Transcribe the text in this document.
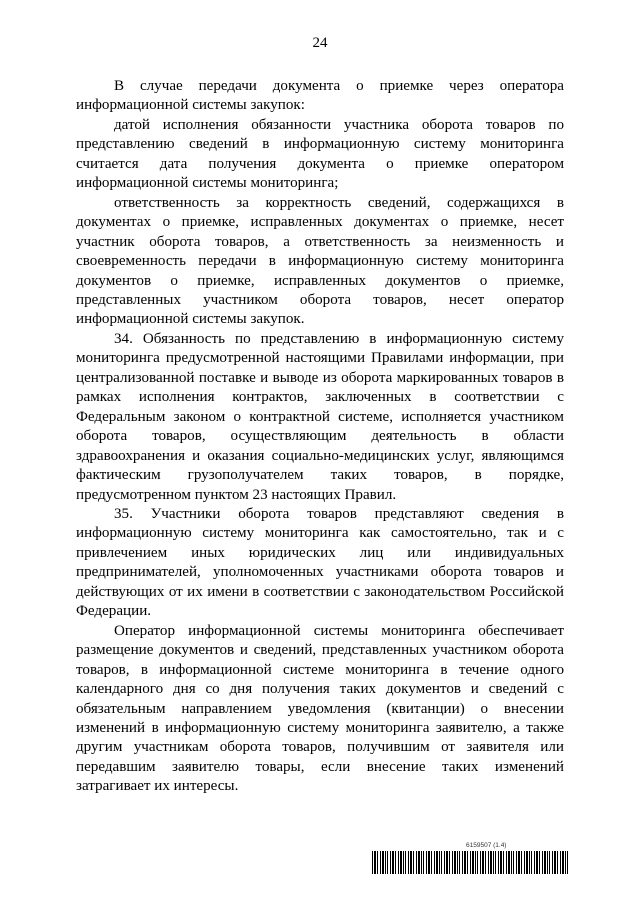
24

В случае передачи документа о приемке через оператора информационной системы закупок:

датой исполнения обязанности участника оборота товаров по представлению сведений в информационную систему мониторинга считается дата получения документа о приемке оператором информационной системы мониторинга;

ответственность за корректность сведений, содержащихся в документах о приемке, исправленных документах о приемке, несет участник оборота товаров, а ответственность за неизменность и своевременность передачи в информационную систему мониторинга документов о приемке, исправленных документов о приемке, представленных участником оборота товаров, несет оператор информационной системы закупок.

34. Обязанность по представлению в информационную систему мониторинга предусмотренной настоящими Правилами информации, при централизованной поставке и выводе из оборота маркированных товаров в рамках исполнения контрактов, заключенных в соответствии с Федеральным законом о контрактной системе, исполняется участником оборота товаров, осуществляющим деятельность в области здравоохранения и оказания социально-медицинских услуг, являющимся фактическим грузополучателем таких товаров, в порядке, предусмотренном пунктом 23 настоящих Правил.

35. Участники оборота товаров представляют сведения в информационную систему мониторинга как самостоятельно, так и с привлечением иных юридических лиц или индивидуальных предпринимателей, уполномоченных участниками оборота товаров и действующих от их имени в соответствии с законодательством Российской Федерации.

Оператор информационной системы мониторинга обеспечивает размещение документов и сведений, представленных участником оборота товаров, в информационной системе мониторинга в течение одного календарного дня со дня получения таких документов и сведений с обязательным направлением уведомления (квитанции) о внесении изменений в информационную систему мониторинга заявителю, а также другим участникам оборота товаров, получившим от заявителя или передавшим заявителю товары, если внесение таких изменений затрагивает их интересы.

6159507 (1.4)
